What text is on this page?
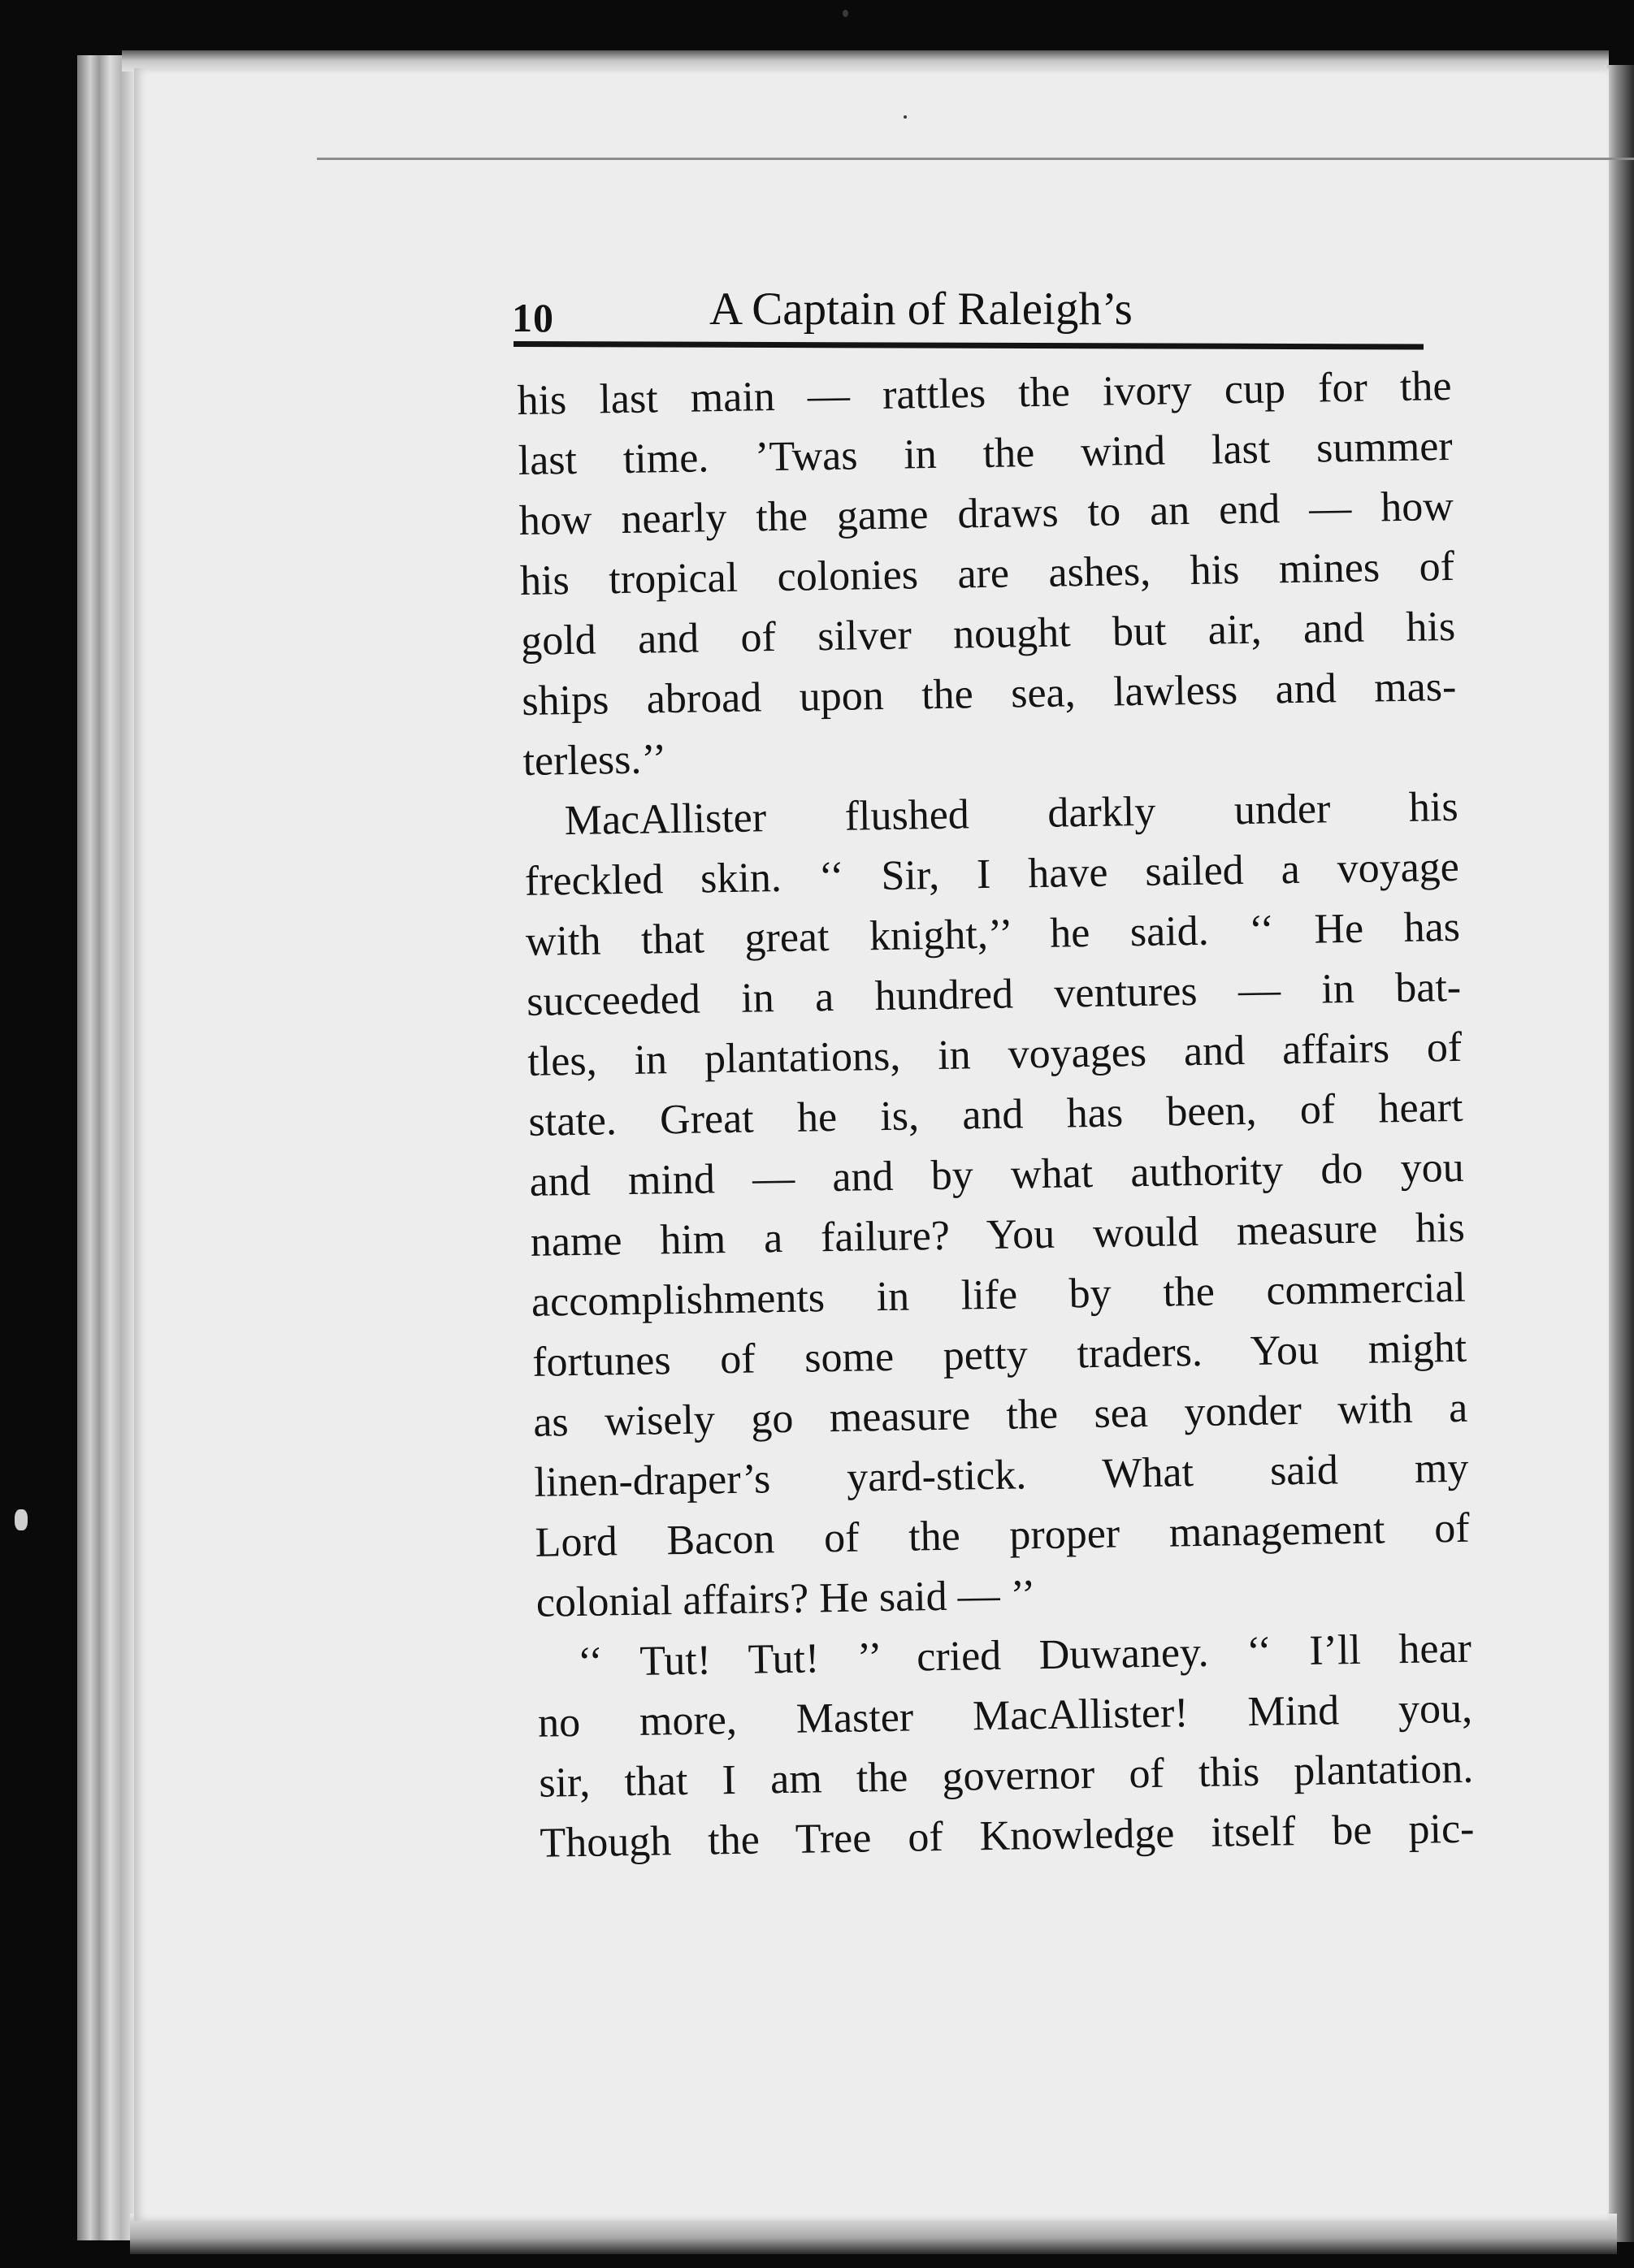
10	A Captain of Raleigh’s
his last main — rattles the ivory cup for the
last time. ’Twas in the wind last summer
how nearly the game draws to an end — how
his tropical colonies are ashes, his mines of
gold and of silver nought but air, and his
ships abroad upon the sea, lawless and mas-
terless.’’
MacAllister flushed darkly under his
freckled skin. ‘‘ Sir, I have sailed a voyage
with that great knight,’’ he said. ‘‘ He has
succeeded in a hundred ventures — in bat-
tles, in plantations, in voyages and affairs of
state. Great he is, and has been, of heart
and mind — and by what authority do you
name him a failure? You would measure his
accomplishments in life by the commercial
fortunes of some petty traders. You might
as wisely go measure the sea yonder with a
linen-draper’s yard-stick. What said my
Lord Bacon of the proper management of
colonial affairs? He said — ’’
‘‘ Tut! Tut! ’’ cried Duwaney. ‘‘ I’ll hear
no more, Master MacAllister! Mind you,
sir, that I am the governor of this plantation.
Though the Tree of Knowledge itself be pic-
